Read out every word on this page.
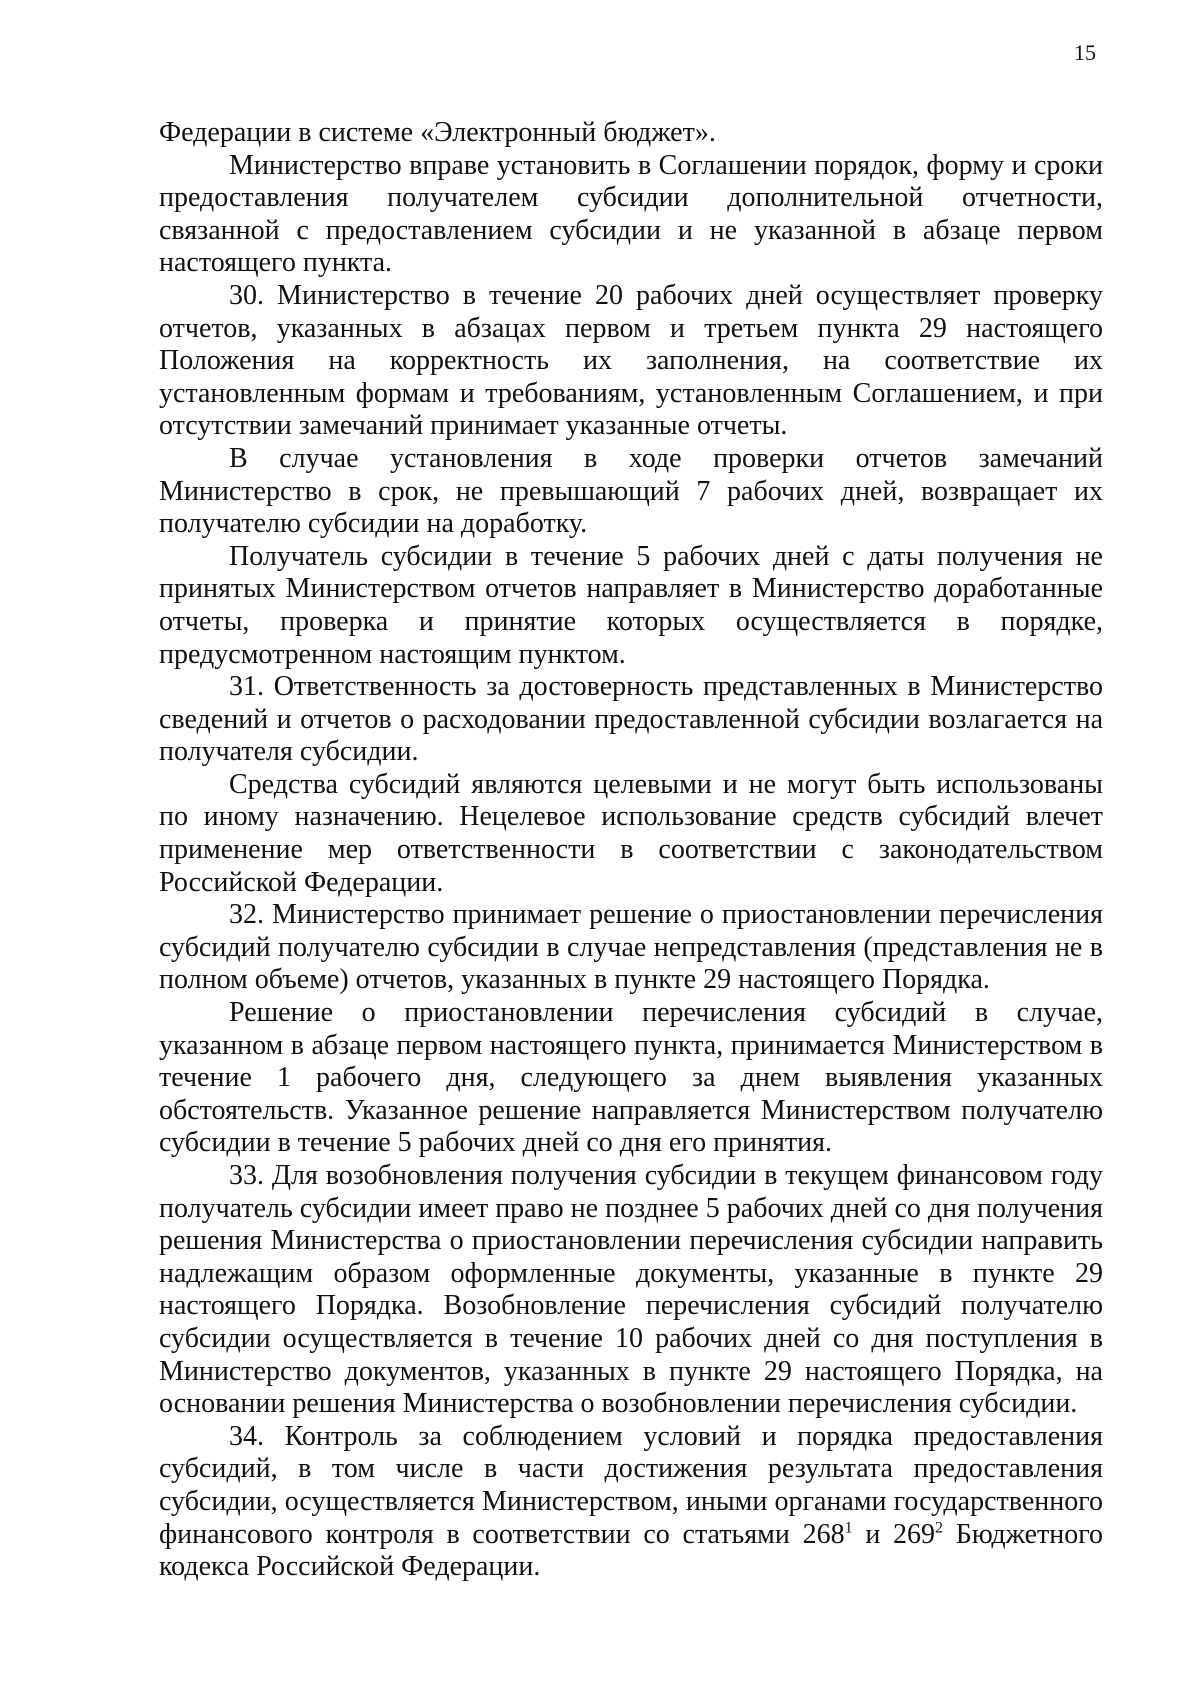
15

Федерации в системе «Электронный бюджет».

Министерство вправе установить в Соглашении порядок, форму и сроки предоставления получателем субсидии дополнительной отчетности, связанной с предоставлением субсидии и не указанной в абзаце первом настоящего пункта.

30. Министерство в течение 20 рабочих дней осуществляет проверку отчетов, указанных в абзацах первом и третьем пункта 29 настоящего Положения на корректность их заполнения, на соответствие их установленным формам и требованиям, установленным Соглашением, и при отсутствии замечаний принимает указанные отчеты.

В случае установления в ходе проверки отчетов замечаний Министерство в срок, не превышающий 7 рабочих дней, возвращает их получателю субсидии на доработку.

Получатель субсидии в течение 5 рабочих дней с даты получения не принятых Министерством отчетов направляет в Министерство доработанные отчеты, проверка и принятие которых осуществляется в порядке, предусмотренном настоящим пунктом.

31. Ответственность за достоверность представленных в Министерство сведений и отчетов о расходовании предоставленной субсидии возлагается на получателя субсидии.

Средства субсидий являются целевыми и не могут быть использованы по иному назначению. Нецелевое использование средств субсидий влечет применение мер ответственности в соответствии с законодательством Российской Федерации.

32. Министерство принимает решение о приостановлении перечисления субсидий получателю субсидии в случае непредставления (представления не в полном объеме) отчетов, указанных в пункте 29 настоящего Порядка.

Решение о приостановлении перечисления субсидий в случае, указанном в абзаце первом настоящего пункта, принимается Министерством в течение 1 рабочего дня, следующего за днем выявления указанных обстоятельств. Указанное решение направляется Министерством получателю субсидии в течение 5 рабочих дней со дня его принятия.

33. Для возобновления получения субсидии в текущем финансовом году получатель субсидии имеет право не позднее 5 рабочих дней со дня получения решения Министерства о приостановлении перечисления субсидии направить надлежащим образом оформленные документы, указанные в пункте 29 настоящего Порядка. Возобновление перечисления субсидий получателю субсидии осуществляется в течение 10 рабочих дней со дня поступления в Министерство документов, указанных в пункте 29 настоящего Порядка, на основании решения Министерства о возобновлении перечисления субсидии.

34. Контроль за соблюдением условий и порядка предоставления субсидий, в том числе в части достижения результата предоставления субсидии, осуществляется Министерством, иными органами государственного финансового контроля в соответствии со статьями $268^1$ и $269^2$ Бюджетного кодекса Российской Федерации.
